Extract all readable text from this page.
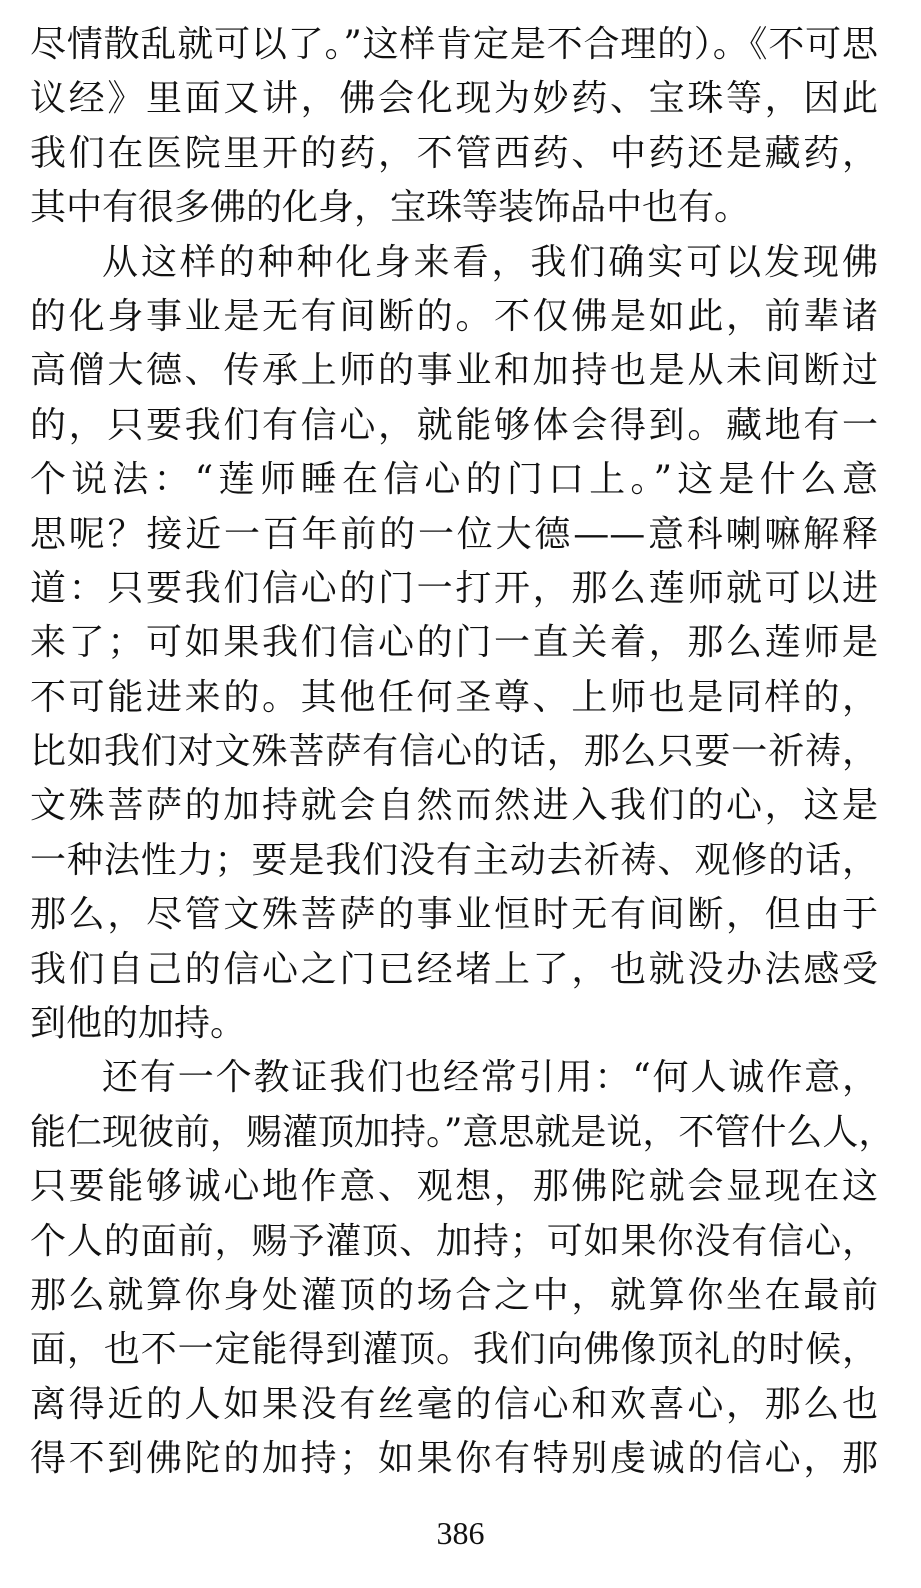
尽情散乱就可以了。”这样肯定是不合理的）。《不可思
议经》里面又讲，佛会化现为妙药、宝珠等，因此
我们在医院里开的药，不管西药、中药还是藏药，
其中有很多佛的化身，宝珠等装饰品中也有。
从这样的种种化身来看，我们确实可以发现佛
的化身事业是无有间断的。不仅佛是如此，前辈诸
高僧大德、传承上师的事业和加持也是从未间断过
的，只要我们有信心，就能够体会得到。藏地有一
个说法：“莲师睡在信心的门口上。”这是什么意
思呢？接近一百年前的一位大德——意科喇嘛解释
道：只要我们信心的门一打开，那么莲师就可以进
来了；可如果我们信心的门一直关着，那么莲师是
不可能进来的。其他任何圣尊、上师也是同样的，
比如我们对文殊菩萨有信心的话，那么只要一祈祷，
文殊菩萨的加持就会自然而然进入我们的心，这是
一种法性力；要是我们没有主动去祈祷、观修的话，
那么，尽管文殊菩萨的事业恒时无有间断，但由于
我们自己的信心之门已经堵上了，也就没办法感受
到他的加持。
还有一个教证我们也经常引用：“何人诚作意，
能仁现彼前，赐灌顶加持。”意思就是说，不管什么人，
只要能够诚心地作意、观想，那佛陀就会显现在这
个人的面前，赐予灌顶、加持；可如果你没有信心，
那么就算你身处灌顶的场合之中，就算你坐在最前
面，也不一定能得到灌顶。我们向佛像顶礼的时候，
离得近的人如果没有丝毫的信心和欢喜心，那么也
得不到佛陀的加持；如果你有特别虔诚的信心，那
386
